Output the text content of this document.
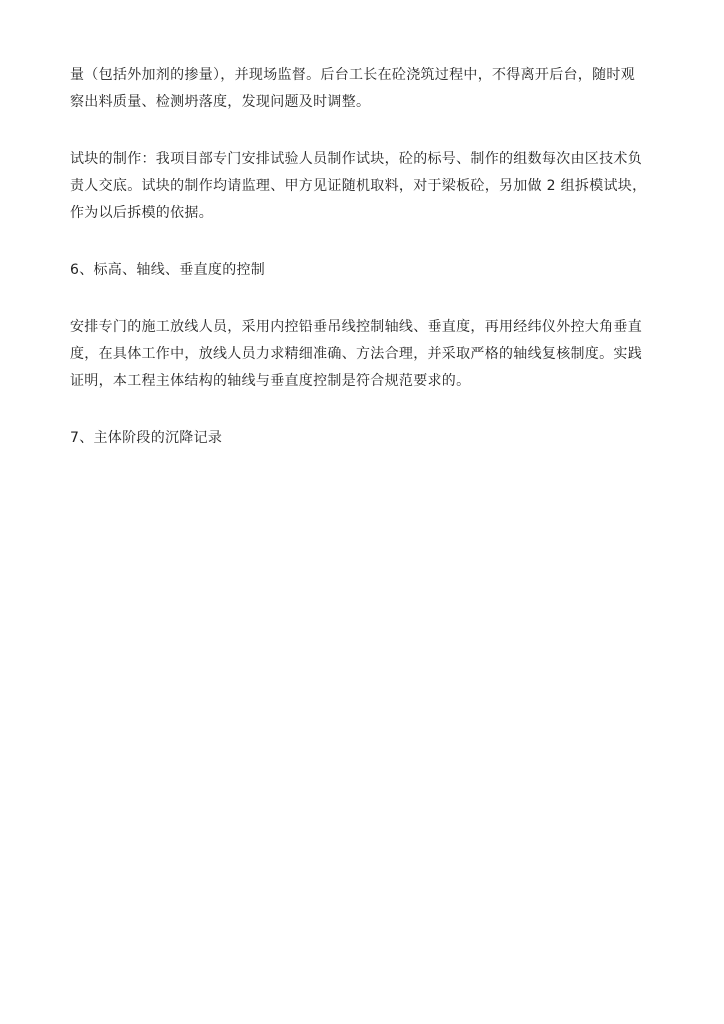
量（包括外加剂的掺量），并现场监督。后台工长在砼浇筑过程中，不得离开后台，随时观
察出料质量、检测坍落度，发现问题及时调整。
试块的制作：我项目部专门安排试验人员制作试块，砼的标号、制作的组数每次由区技术负
责人交底。试块的制作均请监理、甲方见证随机取料，对于梁板砼，另加做 2 组拆模试块，
作为以后拆模的依据。
6、标高、轴线、垂直度的控制
安排专门的施工放线人员，采用内控铅垂吊线控制轴线、垂直度，再用经纬仪外控大角垂直
度，在具体工作中，放线人员力求精细准确、方法合理，并采取严格的轴线复核制度。实践
证明，本工程主体结构的轴线与垂直度控制是符合规范要求的。
7、主体阶段的沉降记录
